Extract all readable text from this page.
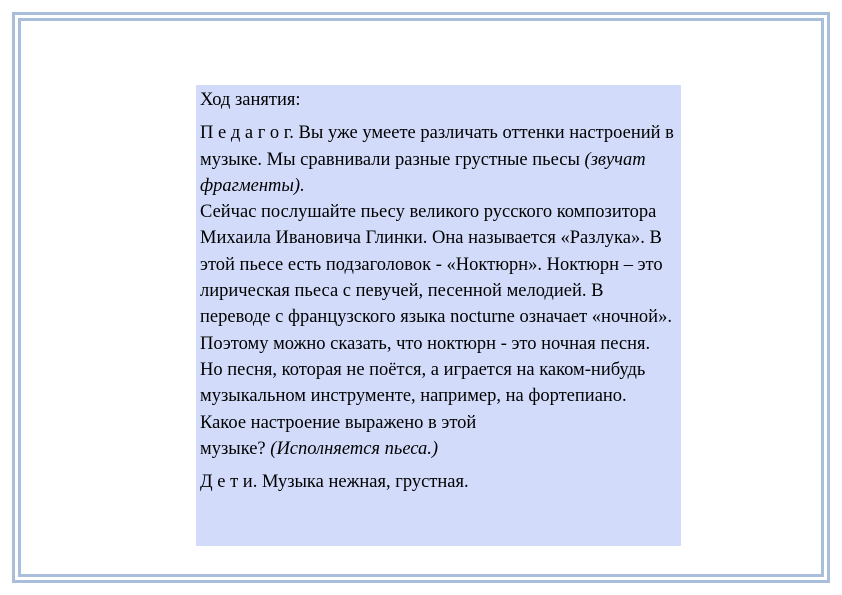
Ход занятия:

П е д а г о г. Вы уже умеете различать оттенки настроений в музыке. Мы сравнивали разные грустные пьесы (звучат фрагменты).

Сейчас послушайте пьесу великого русского композитора Михаила Ивановича Глинки. Она называется «Разлука». В этой пьесе есть подзаголовок - «Ноктюрн». Ноктюрн – это лирическая пьеса с певучей, песенной мелодией. В переводе с французского языка nocturne означает «ночной». Поэтому можно сказать, что ноктюрн - это ночная песня. Но песня, которая не поётся, а играется на каком-нибудь музыкальном инструменте, например, на фортепиано. Какое настроение выражено в этой
музыке? (Исполняется пьеса.)

Д е т и. Музыка нежная, грустная.
